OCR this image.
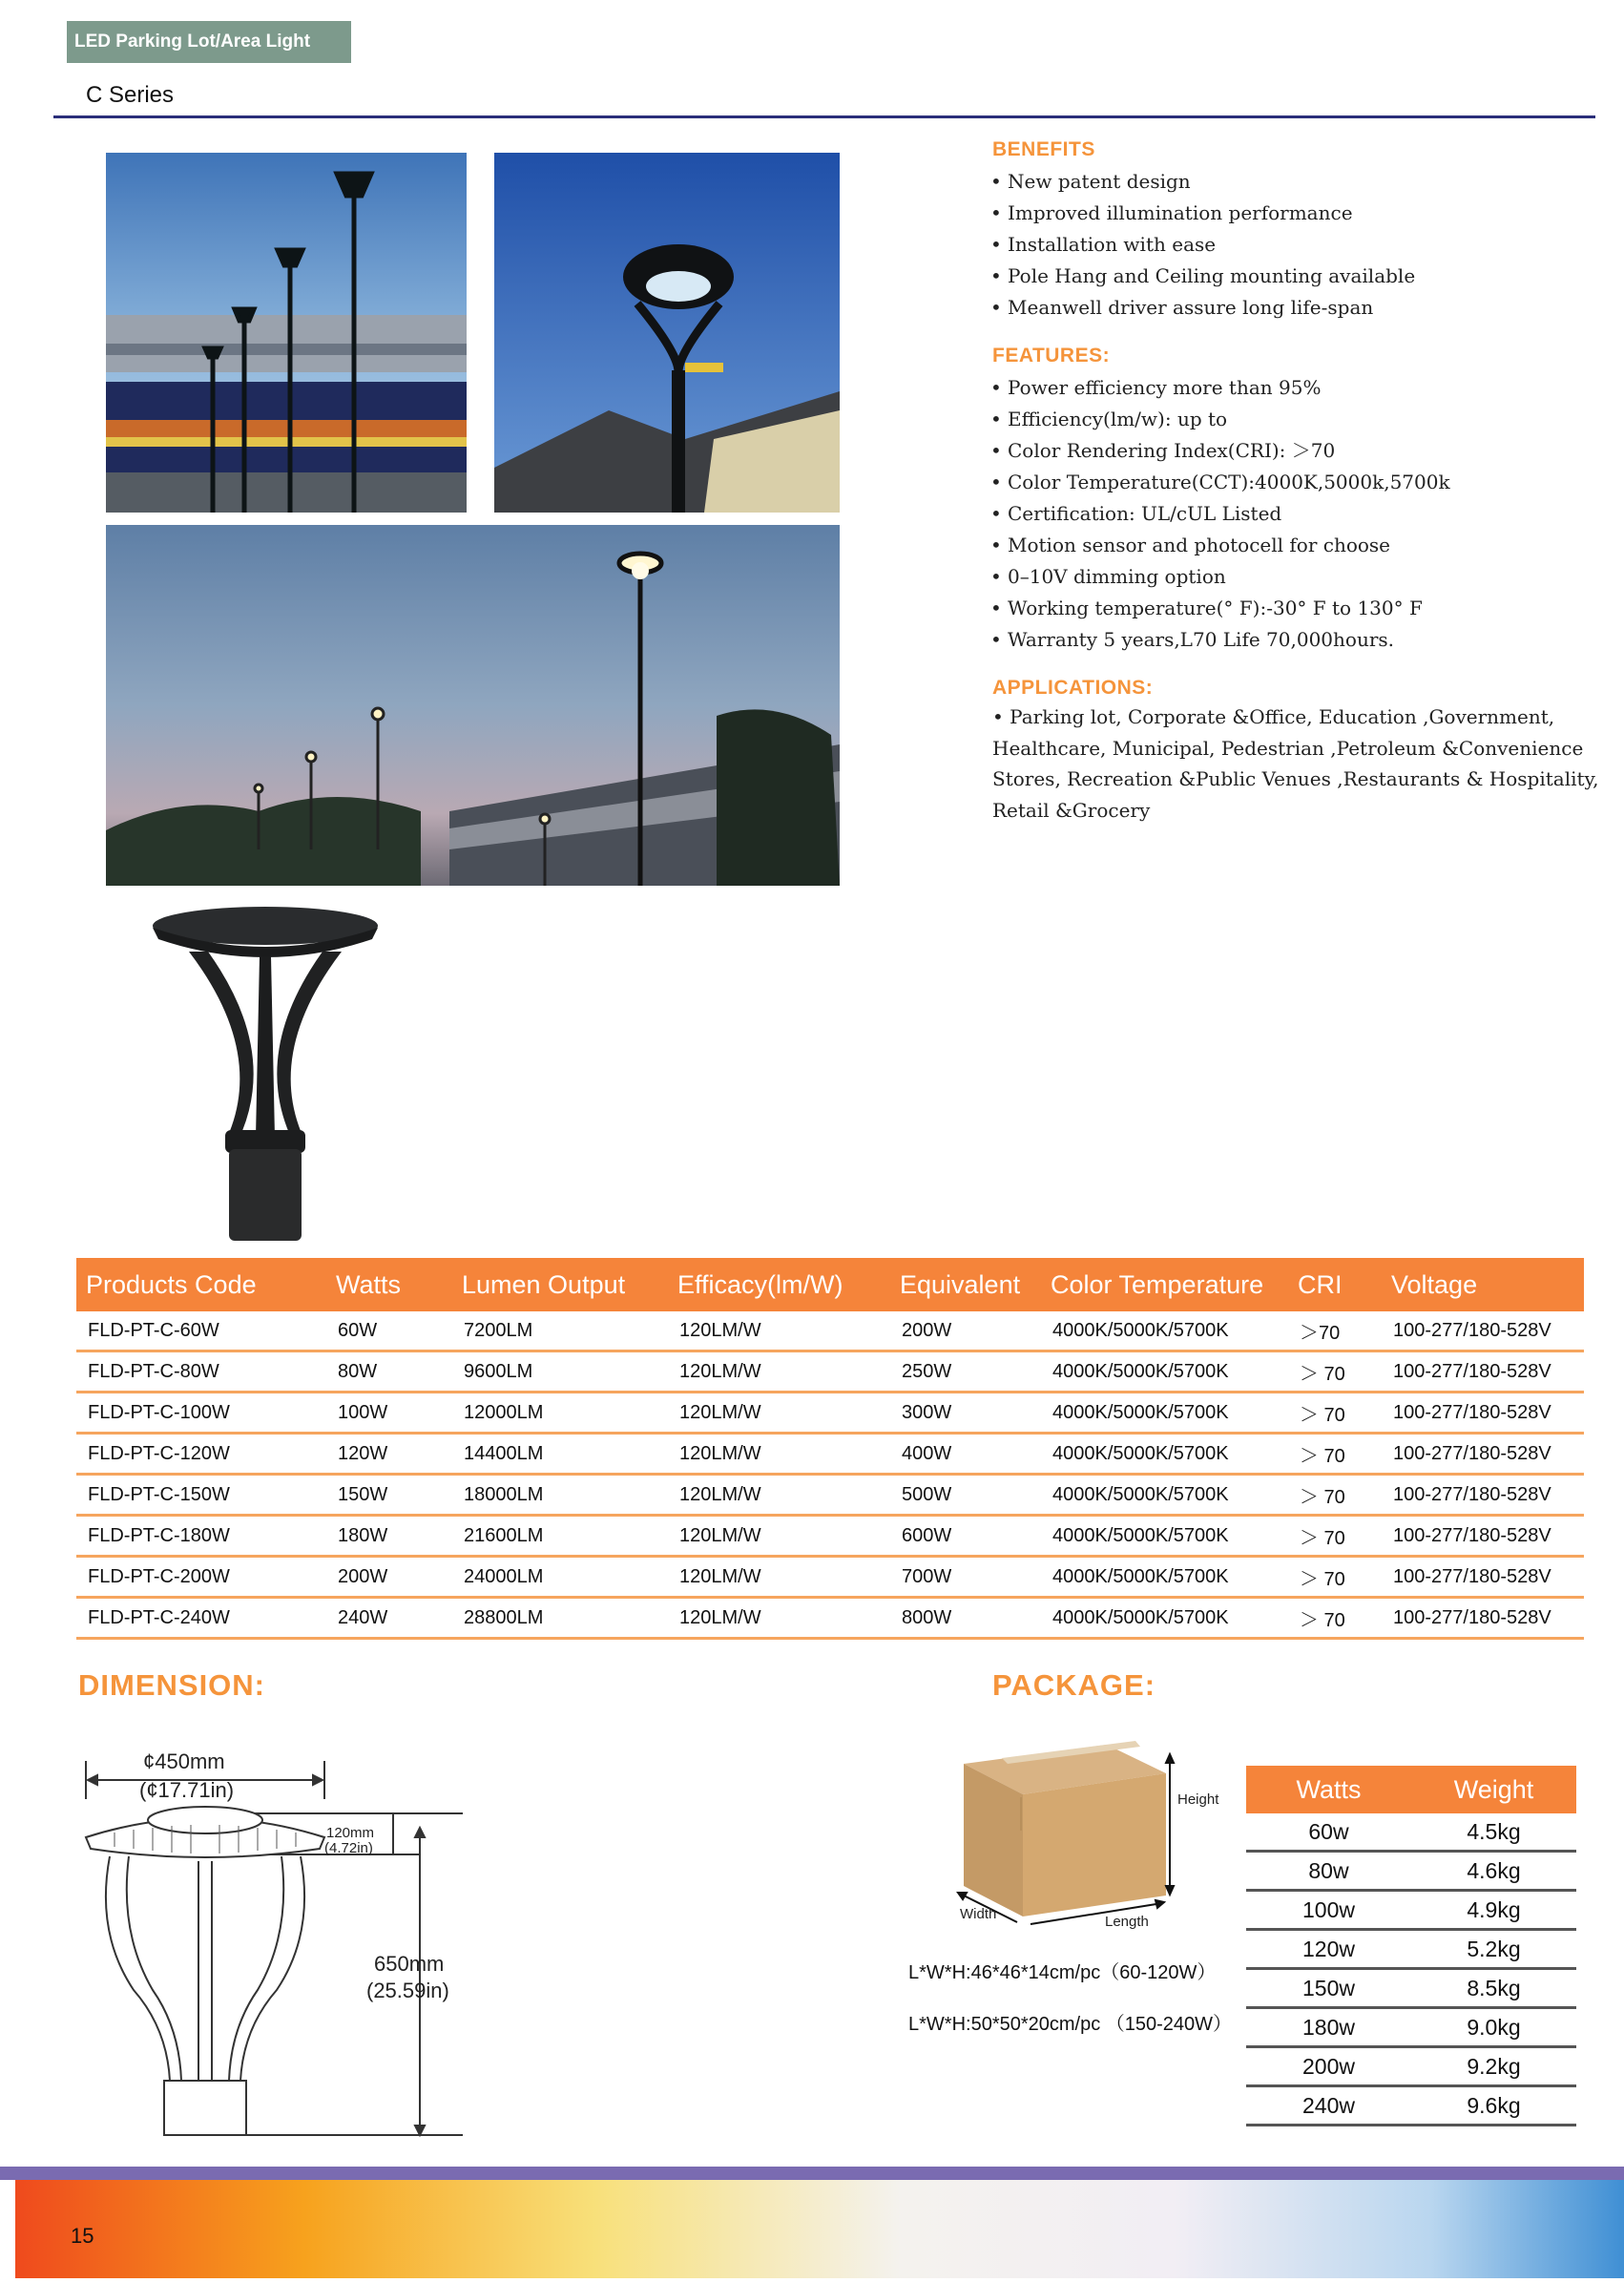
LED Parking Lot/Area Light
C Series
BENEFITS
• New patent design
• Improved illumination performance
• Installation with ease
• Pole Hang and Ceiling mounting available
• Meanwell driver assure long life-span
FEATURES:
• Power efficiency more than 95%
• Efficiency(lm/w): up to
• Color Rendering Index(CRI): ＞70
• Color Temperature(CCT):4000K,5000k,5700k
• Certification: UL/cUL Listed
• Motion sensor and photocell for choose
• 0–10V dimming option
• Working temperature(° F):-30° F to 130° F
• Warranty 5 years,L70 Life 70,000hours.
APPLICATIONS:
• Parking lot, Corporate &Office, Education ,Government, Healthcare, Municipal, Pedestrian ,Petroleum &Convenience Stores, Recreation &Public Venues ,Restaurants & Hospitality, Retail &Grocery
Products Code	Watts	Lumen Output	Efficacy(lm/W)	Equivalent	Color Temperature	CRI	Voltage
FLD-PT-C-60W	60W	7200LM	120LM/W	200W	4000K/5000K/5700K	＞70	100-277/180-528V
FLD-PT-C-80W	80W	9600LM	120LM/W	250W	4000K/5000K/5700K	＞ 70	100-277/180-528V
FLD-PT-C-100W	100W	12000LM	120LM/W	300W	4000K/5000K/5700K	＞ 70	100-277/180-528V
FLD-PT-C-120W	120W	14400LM	120LM/W	400W	4000K/5000K/5700K	＞ 70	100-277/180-528V
FLD-PT-C-150W	150W	18000LM	120LM/W	500W	4000K/5000K/5700K	＞ 70	100-277/180-528V
FLD-PT-C-180W	180W	21600LM	120LM/W	600W	4000K/5000K/5700K	＞ 70	100-277/180-528V
FLD-PT-C-200W	200W	24000LM	120LM/W	700W	4000K/5000K/5700K	＞ 70	100-277/180-528V
FLD-PT-C-240W	240W	28800LM	120LM/W	800W	4000K/5000K/5700K	＞ 70	100-277/180-528V
DIMENSION:
¢450mm
(¢17.71in)
120mm
(4.72in)
650mm
(25.59in)
PACKAGE:
Height
Width	Length
L*W*H:46*46*14cm/pc（60-120W）
L*W*H:50*50*20cm/pc （150-240W）
Watts	Weight
60w	4.5kg
80w	4.6kg
100w	4.9kg
120w	5.2kg
150w	8.5kg
180w	9.0kg
200w	9.2kg
240w	9.6kg
15
